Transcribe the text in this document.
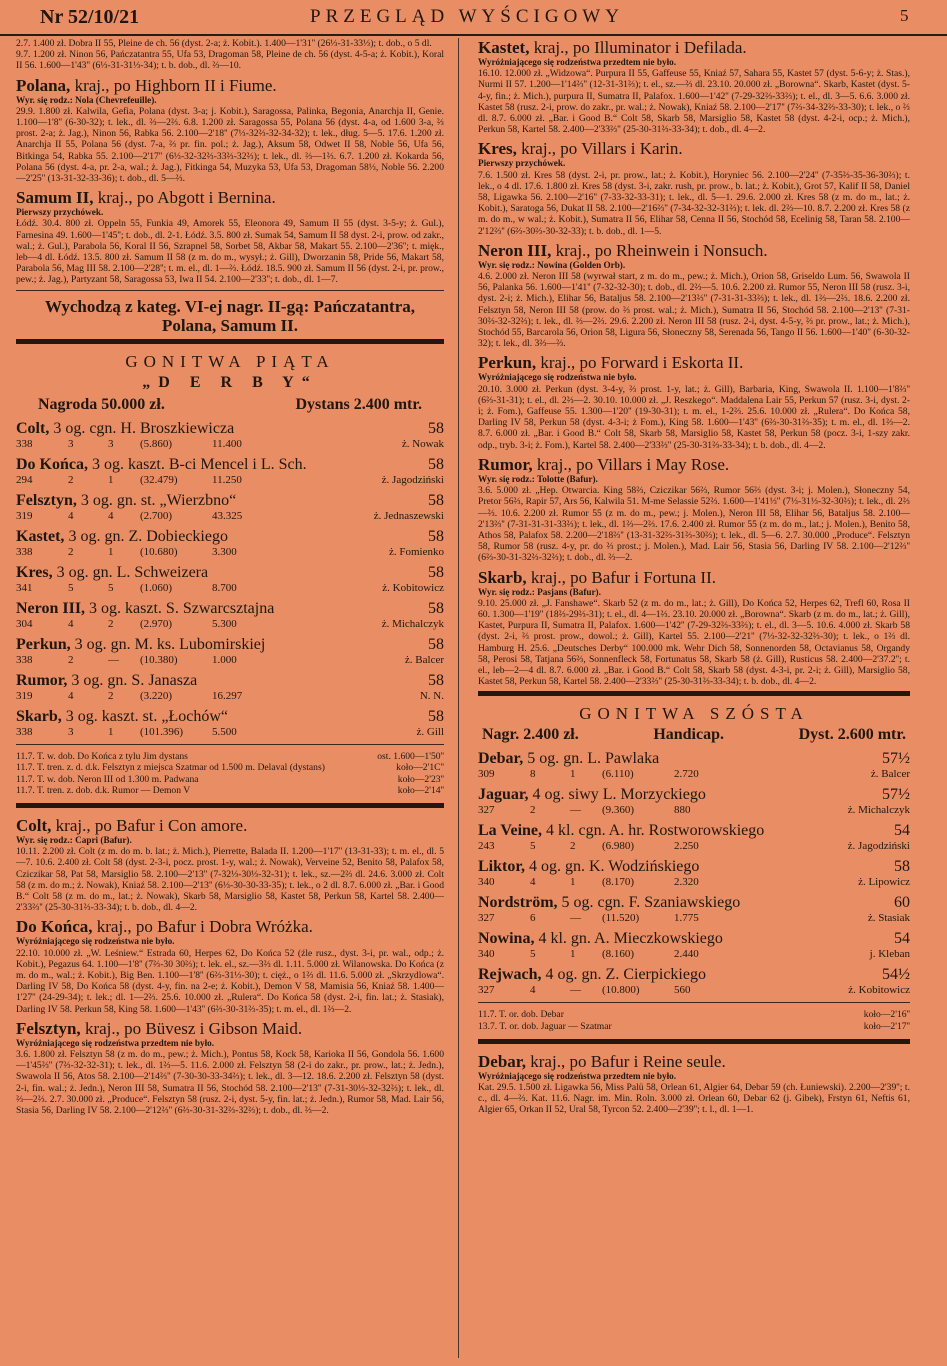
Nr 52/10/21	PRZEGLĄD WYŚCIGOWY	5

2.7. 1.400 zł. Dobra II 55, Pleine de ch. 56 (dyst. 2-a; ż. Kobit.). 1.400—1'31'' (26⅓-31-33⅓); t. dob., o 5 dl.

9.7. 1.200 zł. Ninon 56, Pańczatantra 55, Ufa 53, Dragoman 58, Pleine de ch. 56 (dyst. 4-5-a; ż. Kobit.), Koral II 56. 1.600—1'43'' (6⅓-31-31⅓-34); t. b. dob., dl. ⅔—10.

Polana, kraj., po Highborn II i Fiume.
Wyr. się rodz.: Nola (Chevrefeuille).

29.9. 1.800 zł. Kalwila, Gefia, Polana (dyst. 3-a; j. Kobit.), Saragossa, Palinka, Begonia, Anarchja II, Genie. 1.100—1'8'' (6-30-32); t. lek., dl. ⅔—2⅔. 6.8. 1.200 zł. Saragossa 55, Polana 56 (dyst. 4-a, od 1.600 3-a, ⅔ prost. 2-a; ż. Jag.), Ninon 56, Rabka 56. 2.100—2'18'' (7⅓-32⅔-32-34-32); t. lek., dług. 5—5. 17.6. 1.200 zł. Anarchja II 55, Polana 56 (dyst. 7-a, ⅔ pr. fin. pol.; ż. Jag.), Aksum 58, Odwet II 58, Noble 56, Ufa 56, Bitkinga 54, Rabka 55. 2.100—2'17'' (6⅓-32-32⅔-33⅔-32⅔); t. lek., dl. ⅔—1⅔. 6.7. 1.200 zł. Kokarda 56, Polana 56 (dyst. 4-a, pr. 2-a, wal.; ż. Jag.), Fitkinga 54, Muzyka 53, Ufa 53, Dragoman 58⅓, Noble 56. 2.200—2'25'' (13-31-32-33-36); t. dob., dl. 5—⅔.

Samum II, kraj., po Abgott i Bernina.
Pierwszy przychówek.

Łódź. 30.4. 800 zł. Oppeln 55, Funkia 49, Amorek 55, Eleonora 49, Samum II 55 (dyst. 3-5-y; ż. Gul.), Farnesina 49. 1.600—1'45''; t. dob., dl. 2-1. Łódź. 3.5. 800 zł. Sumak 54, Samum II 58 dyst. 2-i, prow. od zakr., wal.; ż. Gul.), Parabola 56, Koral II 56, Szrapnel 58, Sorbet 58, Akbar 58, Makart 55. 2.100—2'36''; t. mięk., leb—4 dl. Łódź. 13.5. 800 zł. Samum II 58 (z m. do m., wysył.; ż. Gill), Dworzanin 58, Pride 56, Makart 58, Parabola 56, Mag III 58. 2.100—2'28''; t. m. el., dl. 1—⅔. Łódź. 18.5. 900 zł. Samum II 56 (dyst. 2-i, pr. prow., pew.; ż. Jag.), Partyzant 58, Saragossa 53, Iwa II 54. 2.100—2'33''; t. dob., dl. 1—7.

Wychodzą z kateg. VI-ej nagr. II-gą: Pańczatantra, Polana, Samum II.
GONITWA PIĄTA
„D E R B Y“
Nagroda 50.000 zł.	Dystans 2.400 mtr.
Colt, 3 og. cgn. H. Broszkiewicza	58
338	3	3 (5.860)	11.400	ż. Nowak
Do Końca, 3 og. kaszt. B-ci Mencel i L. Sch.	58
294	2	1 (32.479)	11.250	ż. Jagodziński
Felsztyn, 3 og. gn. st. „Wierzbno“	58
319	4	4 (2.700)	43.325	ż. Jednaszewski
Kastet, 3 og. gn. Z. Dobieckiego	58
338	2	1 (10.680)	3.300	ż. Fomienko
Kres, 3 og. gn. L. Schweizera	58
341	5	5 (1.060)	8.700	ż. Kobitowicz
Neron III, 3 og. kaszt. S. Szwarcsztajna	58
304	4	2 (2.970)	5.300	ż. Michalczyk
Perkun, 3 og. gn. M. ks. Lubomirskiej	58
338	2	— (10.380)	1.000	ż. Balcer
Rumor, 3 og. gn. S. Janasza	58
319	4	2 (3.220)	16.297	N. N.
Skarb, 3 og. kaszt. st. „Łochów“	58
338	3	1 (101.396)	5.500	ż. Gill
11.7. T. w. dob. Do Końca z tylu Jim dystans	ost. 1.600—1'50''
11.7. T. tren. z. d. d.k. Felsztyn z miejsca Szatmar od 1.500 m. Delaval (dystans)	koło—2'1C''
11.7. T. w. dob. Neron III od 1.300 m. Padwana	koło—2'23''
11.7. T. tren. z. dob. d.k. Rumor — Demon V	koło—2'14''
Colt, kraj., po Bafur i Con amore.
Wyr. się rodz.: Capri (Bafur).

10.11. 2.200 zł. Colt (z m. do m. b. lat.; ż. Mich.), Pierrette, Balada II. 1.200—1'17'' (13-31-33); t. m. el., dl. 5—7. 10.6. 2.400 zł. Colt 58 (dyst. 2-3-i, pocz. prost. 1-y, wal.; ż. Nowak), Verveine 52, Benito 58, Palafox 58, Cziczikar 58, Pat 58, Marsiglio 58. 2.100—2'13'' (7-32⅓-30⅓-32-31); t. lek., sz.—2⅔ dl. 24.6. 3.000 zł. Colt 58 (z m. do m.; ż. Nowak), Kniaź 58. 2.100—2'13'' (6⅓-30-30-33-35); t. lek., o 2 dl. 8.7. 6.000 zł. „Bar. i Good B.“ Colt 58 (z m. do m., lat.; ż. Nowak), Skarb 58, Marsiglio 58, Kastet 58, Perkun 58, Kartel 58. 2.400—2'33⅔'' (25-30-31⅔-33-34); t. b. dob., dl. 4—2.

Do Końca, kraj., po Bafur i Dobra Wróżka.
Wyróżniającego się rodzeństwa nie było.

22.10. 10.000 zł. „W. Leśniew.“ Estrada 60, Herpes 62, Do Końca 52 (źle rusz., dyst. 3-i, pr. wal., odp.; ż. Kobit.), Pegazus 64. 1.100—1'8'' (7⅔-30 30⅔); t. lek. el., sz.—3⅔ dl. 1.11. 5.000 zł. Wilanowska. Do Końca (z m. do m., wal.; ż. Kobit.), Big Ben. 1.100—1'8'' (6⅔-31⅓-30); t. cięż., o 1⅔ dl. 11.6. 5.000 zł. „Skrzydlowa“. Darling IV 58, Do Końca 58 (dyst. 4-y, fin. na 2-e; ż. Kobit.), Demon V 58, Mamisia 56, Kniaź 58. 1.400—1'27'' (24-29-34); t. lek.; dl. 1—2⅔. 25.6. 10.000 zł. „Rulera“. Do Końca 58 (dyst. 2-i, fin. lat.; ż. Stasiak), Darling IV 58. Perkun 58, King 58. 1.600—1'43'' (6⅔-30-31⅔-35); t. m. el., dl. 1⅔—2.

Felsztyn, kraj., po Büvesz i Gibson Maid.
Wyróżniającego się rodzeństwa przedtem nie było.

3.6. 1.800 zł. Felsztyn 58 (z m. do m., pew.; ż. Mich.), Pontus 58, Kock 58, Karioka II 56, Gondola 56. 1.600—1'45⅔'' (7⅔-32-32-31); t. lek., dl. 1⅔—5. 11.6. 2.000 zł. Felsztyn 58 (2-i do zakr., pr. prow., lat.; ż. Jedn.), Swawola II 56, Atos 58. 2.100—2'14⅔'' (7-30-30-33-34⅔); t. lek., dl. 3—12. 18.6. 2.200 zł. Felsztyn 58 (dyst. 2-i, fin. wal.; ż. Jedn.), Neron III 58, Sumatra II 56, Stochód 58. 2.100—2'13'' (7-31-30⅓-32-32⅔); t. lek., dl. ⅔—2⅔. 2.7. 30.000 zł. „Produce“. Felsztyn 58 (rusz. 2-i, dyst. 5-y, fin. lat.; ż. Jedn.), Rumor 58, Mad. Lair 56, Stasia 56, Darling IV 58. 2.100—2'12⅔'' (6⅔-30-31-32⅔-32⅔); t. dob., dl. ⅔—2.

Kastet, kraj., po Illuminator i Defilada.
Wyróżniającego się rodzeństwa przedtem nie było.

16.10. 12.000 zł. „Widzowa“. Purpura II 55, Gaffeuse 55, Kniaź 57, Sahara 55, Kastet 57 (dyst. 5-6-y; ż. Stas.), Nurmi II 57. 1.200—1'14⅔'' (12-31-31⅔); t. el., sz.—⅔ dl. 23.10. 20.000 zł. „Borowna“. Skarb, Kastet (dyst. 5-4-y, fin.; ż. Mich.), purpura II, Sumatra II, Palafox. 1.600—1'42'' (7-29-32⅔-33⅔); t. el., dl. 3—5. 6.6. 3.000 zł. Kastet 58 (rusz. 2-i, prow. do zakr., pr. wal.; ż. Nowak), Kniaź 58. 2.100—2'17'' (7⅔-34-32⅔-33-30); t. lek., o ⅔ dl. 8.7. 6.000 zł. „Bar. i Good B.“ Colt 58, Skarb 58, Marsiglio 58, Kastet 58 (dyst. 4-2-i, ocp.; ż. Mich.), Perkun 58, Kartel 58. 2.400—2'33⅔'' (25-30-31⅔-33-34); t. dob., dl. 4—2.

Kres, kraj., po Villars i Karin.
Pierwszy przychówek.

7.6. 1.500 zł. Kres 58 (dyst. 2-i, pr. prow., lat.; ż. Kobit.), Horyniec 56. 2.100—2'24'' (7-35⅔-35-36-30⅔); t. lek., o 4 dl. 17.6. 1.800 zł. Kres 58 (dyst. 3-i, zakr. rush, pr. prow., b. lat.; ż. Kobit.), Grot 57, Kalif II 58, Daniel 58, Ligawka 56. 2.100—2'16'' (7-33-32-33-31); t. lek., dl. 5—1. 29.6. 2.000 zł. Kres 58 (z m. do m., lat.; ż. Kobit.), Saratoga 56, Dukat II 58. 2.100—2'16⅔'' (7-34-32-32-31⅔); t. lek. dl. 2⅔—10. 8.7. 2.200 zł. Kres 58 (z m. do m., w wal.; ż. Kobit.), Sumatra II 56, Elihar 58, Cenna II 56, Stochód 58, Ecelinig 58, Taran 58. 2.100—2'12⅔'' (6⅔-30⅔-30-32-33); t. b. dob., dl. 1—5.

Neron III, kraj., po Rheinwein i Nonsuch.
Wyr. się rodz.: Nowina (Golden Orb).

4.6. 2.000 zł. Neron III 58 (wyrwał start, z m. do m., pew.; ż. Mich.), Orion 58, Griseldo Lum. 56, Swawola II 56, Palanka 56. 1.600—1'41'' (7-32-32-30); t. dob., dl. 2⅔—5. 10.6. 2.200 zł. Rumor 55, Neron III 58 (rusz. 3-i, dyst. 2-i; ż. Mich.), Elihar 56, Bataljus 58. 2.100—2'13⅔'' (7-31-31-33⅔); t. lek., dl. 1⅔—2⅔. 18.6. 2.200 zł. Felsztyn 58, Neron III 58 (prow. do ⅔ prost. wal.; ż. Mich.), Sumatra II 56, Stochód 58. 2.100—2'13'' (7-31-30⅔-32-32⅔); t. lek., dl. ⅔—2⅔. 29.6. 2.200 zł. Neron III 58 (rusz. 2-i, dyst. 4-5-y, ⅔ pr. prow., lat.; ż. Mich.), Stochód 55, Barcarola 56, Orion 58, Ligura 56, Słoneczny 58, Serenada 56, Tango II 56. 1.600—1'40'' (6-30-32-32); t. lek., dl. 3⅔—⅔.

Perkun, kraj., po Forward i Eskorta II.
Wyróżniającego się rodzeństwa nie było.

20.10. 3.000 zł. Perkun (dyst. 3-4-y, ⅔ prost. 1-y, lat.; ż. Gill), Barbaria, King, Swawola II. 1.100—1'8⅔'' (6⅔-31-31); t. el., dl. 2⅔—2. 30.10. 10.000 zł. „J. Reszkego“. Maddalena Lair 55, Perkun 57 (rusz. 3-i, dyst. 2-i; ż. Fom.), Gaffeuse 55. 1.300—1'20'' (19-30-31); t. m. el., 1-2⅔. 25.6. 10.000 zł. „Rulera“. Do Końca 58, Darling IV 58, Perkun 58 (dyst. 4-3-i; ż Fom.), King 58. 1.600—1'43'' (6⅔-30-31⅔-35); t. m. el., dl. 1⅔—2. 8.7. 6.000 zł. „Bar. i Good B.“ Colt 58, Skarb 58, Marsiglio 58, Kastet 58, Perkun 58 (pocz. 3-i, 1-szy zakr. odp., tryb. 3-i; ż. Fom.), Kartel 58. 2.400—2'33⅔'' (25-30-31⅔-33-34); t. b. dob., dl. 4—2.

Rumor, kraj., po Villars i May Rose.
Wyr. się rodz.: Tolotte (Bafur).

3.6. 5.000 zł. „Hep. Otwarcia. King 58⅔, Cziczikar 56⅔, Rumor 56⅔ (dyst. 3-i; j. Molen.), Słoneczny 54, Pretor 56⅔, Rapir 57, Ars 56, Kalwila 51. M-me Selassie 52⅔. 1.600—1'41⅓'' (7⅓-31⅓-32-30⅔); t. lek., dl. 2⅔—⅔. 10.6. 2.200 zł. Rumor 55 (z m. do m., pew.; j. Molen.), Neron III 58, Elihar 56, Bataljus 58. 2.100—2'13⅔'' (7-31-31-31-33⅔); t. lek., dl. 1⅔—2⅔. 17.6. 2.400 zł. Rumor 55 (z m. do m., lat.; j. Molen.), Benito 58, Athos 58, Palafox 58. 2.200—2'18⅔'' (13-31-32⅔-31⅔-30⅔); t. lek., dl. 5—6. 2.7. 30.000 „Produce“. Felsztyn 58, Rumor 58 (rusz. 4-y, pr. do ⅔ prost.; j. Molen.), Mad. Lair 56, Stasia 56, Darling IV 58. 2.100—2'12⅔'' (6⅔-30-31-32⅔-32⅔); t. dob., dl. ⅔—2.

Skarb, kraj., po Bafur i Fortuna II.
Wyr. się rodz.: Pasjans (Bafur).

9.10. 25.000 zł. „J. Fanshawe“. Skarb 52 (z m. do m., lat.; ż. Gill), Do Końca 52, Herpes 62, Trefl 60, Rosa II 60. 1.300—1'19'' (18⅔-29⅔-31); t. el., dl. 4—1⅔. 23.10. 20.000 zł. „Borowna“. Skarb (z m. do m., lat.; ż. Gill), Kastet, Purpura II, Sumatra II, Palafox. 1.600—1'42'' (7-29-32⅔-33⅔); t. el., dl. 3—5. 10.6. 4.000 zł. Skarb 58 (dyst. 2-i, ⅔ prost. prow., dowol.; ż. Gill), Kartel 55. 2.100—2'21'' (7⅓-32-32-32⅔-30); t. lek., o 1⅔ dl. Hamburg H. 25.6. „Deutsches Derby“ 100.000 mk. Wehr Dich 58, Sonnenorden 58, Octavianus 58, Organdy 58, Perosi 58, Tatjana 56⅔, Sonnenfleck 58, Fortunatus 58, Skarb 58 (ż. Gill), Rusticus 58. 2.400—2'37.2''; t. el., leb—2—4 dl. 8.7. 6.000 zł. „Bar. i Good B.“ Colt 58, Skarb 58 (dyst. 4-3-i, pr. 2-i; ż. Gill), Marsiglio 58, Kastet 58, Perkun 58, Kartel 58. 2.400—2'33⅔'' (25-30-31⅔-33-34); t. b. dob., dl. 4—2.

GONITWA SZÓSTA
Nagr. 2.400 zł.	Handicap.	Dyst. 2.600 mtr.
Debar, 5 og. gn. L. Pawlaka	57½
309	8	1 (6.110)	2.720	ż. Balcer
Jaguar, 4 og. siwy L. Morzyckiego	57½
327	2	— (9.360)	880	ż. Michalczyk
La Veine, 4 kl. cgn. A. hr. Rostworowskiego	54
243	5	2 (6.980)	2.250	ż. Jagodziński
Liktor, 4 og. gn. K. Wodzińskiego	58
340	4	1 (8.170)	2.320	ż. Lipowicz
Nordström, 5 og. cgn. F. Szaniawskiego	60
327	6	— (11.520)	1.775	ż. Stasiak
Nowina, 4 kl. gn. A. Mieczkowskiego	54
340	5	1 (8.160)	2.440	j. Kleban
Rejwach, 4 og. gn. Z. Cierpickiego	54½
327	4	— (10.800)	560	ż. Kobitowicz
11.7. T. or. dob. Debar	koło—2'16''
13.7. T. or. dob. Jaguar — Szatmar	koło—2'17''
Debar, kraj., po Bafur i Reine seule.
Wyróżniającego się rodzeństwa przedtem nie było.

Kat. 29.5. 1.500 zł. Ligawka 56, Miss Palü 58, Orlean 61, Algier 64, Debar 59 (ch. Łuniewski). 2.200—2'39''; t. c., dl. 4—⅔. Kat. 11.6. Nagr. im. Min. Roln. 3.000 zł. Orlean 60, Debar 62 (j. Gibek), Frstyn 61, Neftis 61, Algier 65, Orkan II 52, Ural 58, Tyrcon 52. 2.400—2'39''; t. l., dl. 1—1.
